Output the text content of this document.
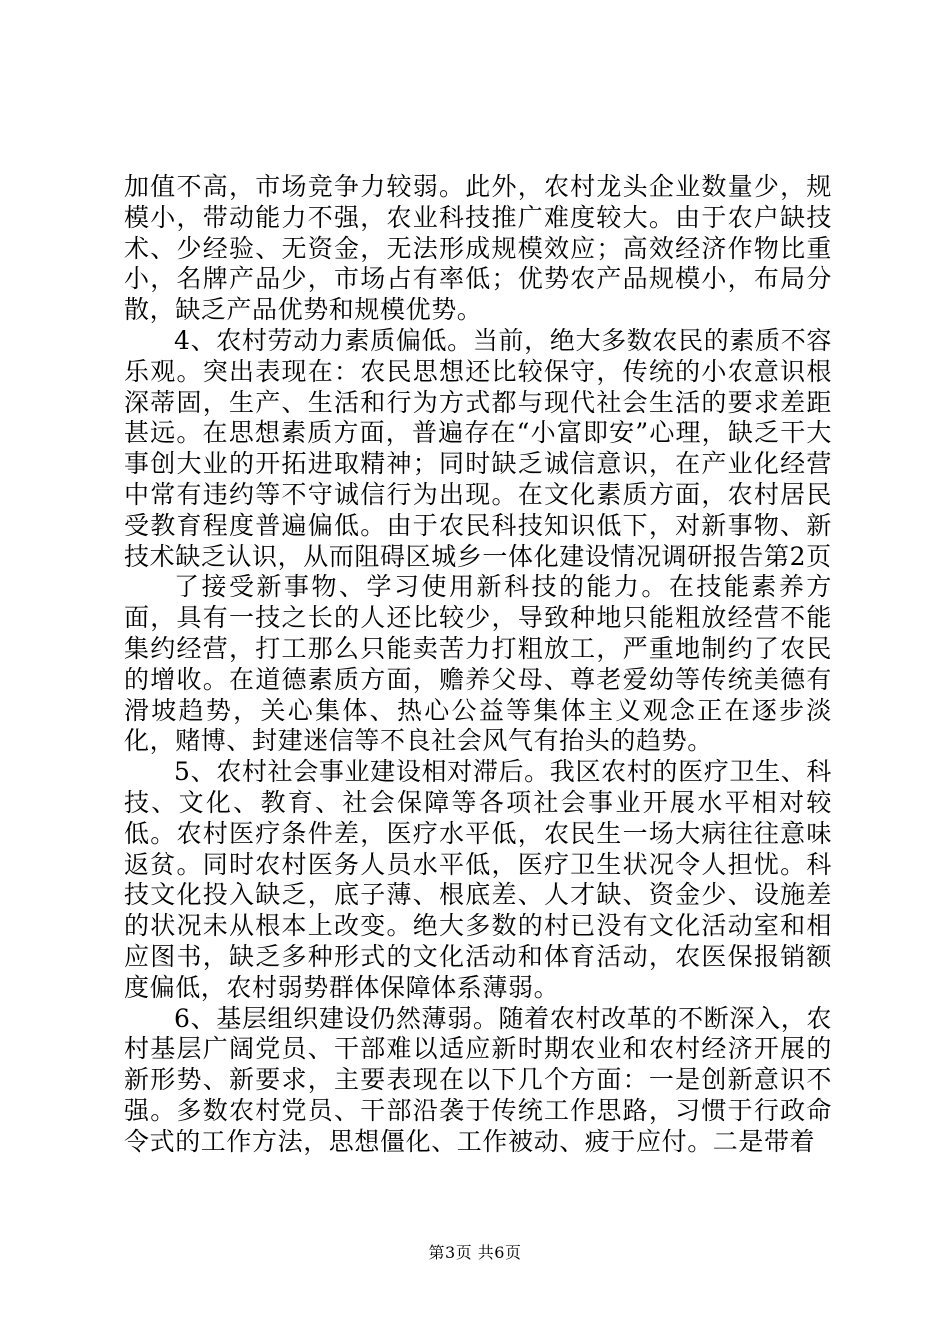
加值不高，市场竞争力较弱。此外，农村龙头企业数量少，规模小，带动能力不强，农业科技推广难度较大。由于农户缺技术、少经验、无资金，无法形成规模效应；高效经济作物比重小，名牌产品少，市场占有率低；优势农产品规模小，布局分散，缺乏产品优势和规模优势。

4、农村劳动力素质偏低。当前，绝大多数农民的素质不容乐观。突出表现在：农民思想还比较保守，传统的小农意识根深蒂固，生产、生活和行为方式都与现代社会生活的要求差距甚远。在思想素质方面，普遍存在“小富即安”心理，缺乏干大事创大业的开拓进取精神；同时缺乏诚信意识，在产业化经营中常有违约等不守诚信行为出现。在文化素质方面，农村居民受教育程度普遍偏低。由于农民科技知识低下，对新事物、新技术缺乏认识，从而阻碍区城乡一体化建设情况调研报告第2页

了接受新事物、学习使用新科技的能力。在技能素养方面，具有一技之长的人还比较少，导致种地只能粗放经营不能集约经营，打工那么只能卖苦力打粗放工，严重地制约了农民的增收。在道德素质方面，赡养父母、尊老爱幼等传统美德有滑坡趋势，关心集体、热心公益等集体主义观念正在逐步淡化，赌博、封建迷信等不良社会风气有抬头的趋势。

5、农村社会事业建设相对滞后。我区农村的医疗卫生、科技、文化、教育、社会保障等各项社会事业开展水平相对较低。农村医疗条件差，医疗水平低，农民生一场大病往往意味返贫。同时农村医务人员水平低，医疗卫生状况令人担忧。科技文化投入缺乏，底子薄、根底差、人才缺、资金少、设施差的状况未从根本上改变。绝大多数的村已没有文化活动室和相应图书，缺乏多种形式的文化活动和体育活动，农医保报销额度偏低，农村弱势群体保障体系薄弱。

6、基层组织建设仍然薄弱。随着农村改革的不断深入，农村基层广阔党员、干部难以适应新时期农业和农村经济开展的新形势、新要求，主要表现在以下几个方面：一是创新意识不强。多数农村党员、干部沿袭于传统工作思路，习惯于行政命令式的工作方法，思想僵化、工作被动、疲于应付。二是带着

第3页 共6页
